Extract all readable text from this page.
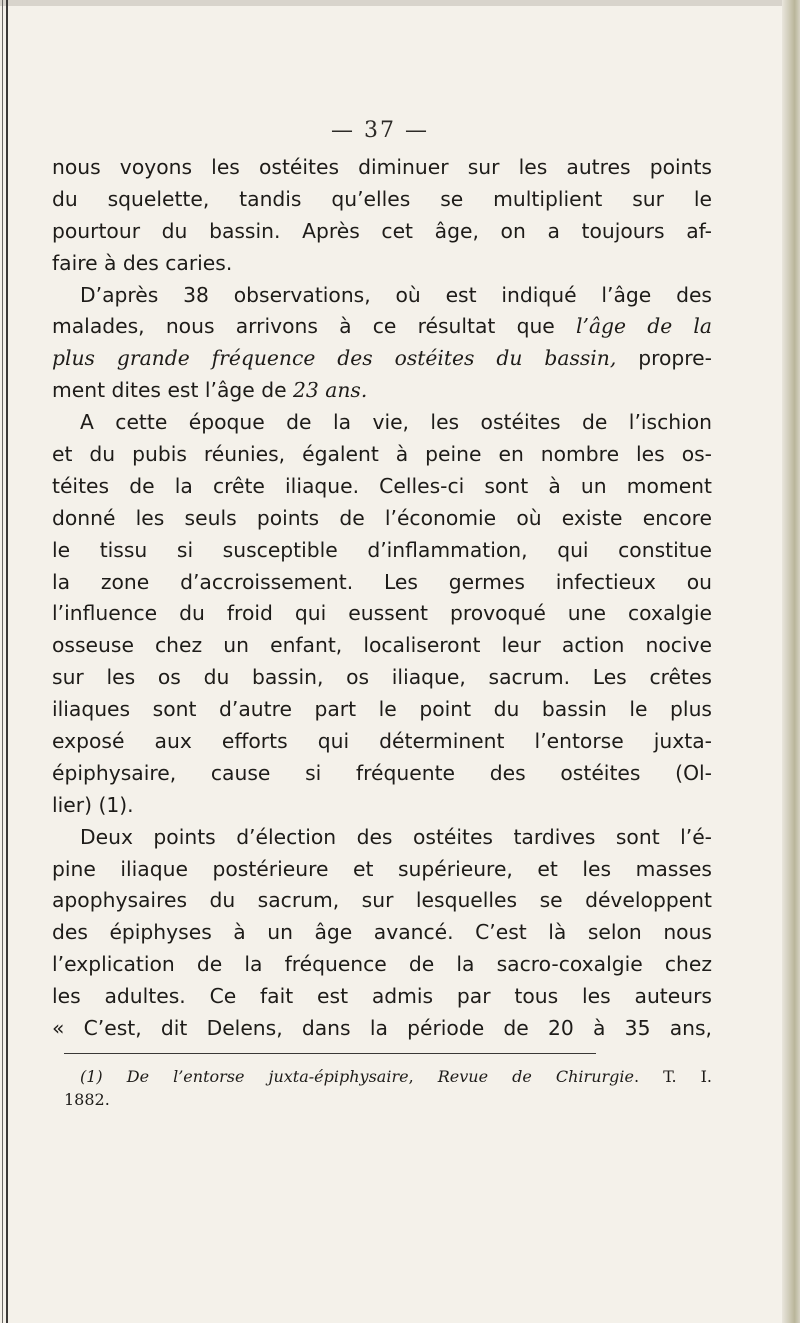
— 37 —
nous voyons les ostéites diminuer sur les autres points
du squelette, tandis qu’elles se multiplient sur le
pourtour du bassin. Après cet âge, on a toujours af-
faire à des caries.
D’après 38 observations, où est indiqué l’âge des
malades, nous arrivons à ce résultat que l’âge de la
plus grande fréquence des ostéites du bassin, propre-
ment dites est l’âge de 23 ans.
A cette époque de la vie, les ostéites de l’ischion
et du pubis réunies, égalent à peine en nombre les os-
téites de la crête iliaque. Celles-ci sont à un moment
donné les seuls points de l’économie où existe encore
le tissu si susceptible d’inflammation, qui constitue
la zone d’accroissement. Les germes infectieux ou
l’influence du froid qui eussent provoqué une coxalgie
osseuse chez un enfant, localiseront leur action nocive
sur les os du bassin, os iliaque, sacrum. Les crêtes
iliaques sont d’autre part le point du bassin le plus
exposé aux efforts qui déterminent l’entorse juxta-
épiphysaire, cause si fréquente des ostéites (Ol-
lier) (1).
Deux points d’élection des ostéites tardives sont l’é-
pine iliaque postérieure et supérieure, et les masses
apophysaires du sacrum, sur lesquelles se développent
des épiphyses à un âge avancé. C’est là selon nous
l’explication de la fréquence de la sacro-coxalgie chez
les adultes. Ce fait est admis par tous les auteurs
« C’est, dit Delens, dans la période de 20 à 35 ans,
(1) De l’entorse juxta-épiphysaire, Revue de Chirurgie. T. I.
1882.
